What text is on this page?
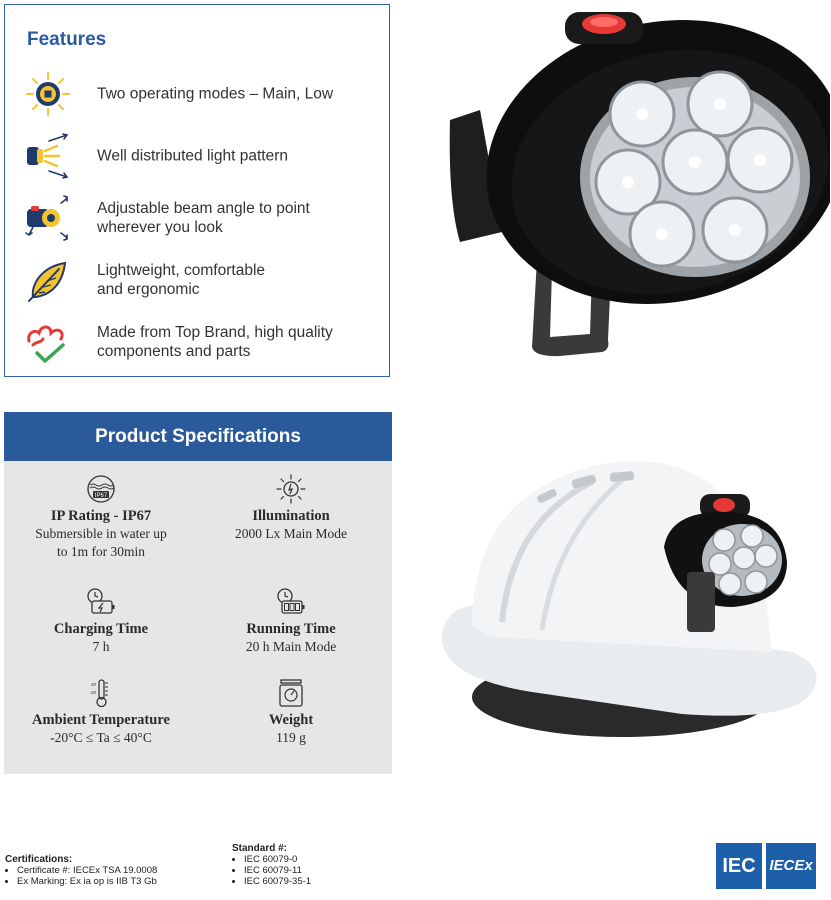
Features
Two operating modes – Main, Low
Well distributed light pattern
Adjustable beam angle to point
wherever you look
Lightweight, comfortable
and ergonomic
Made from Top Brand, high quality
components and parts
Product Specifications
IP67
IP Rating - IP67
Submersible in water up
to 1m for 30min
Illumination
2000 Lx Main Mode
Charging Time
7 h
Running Time
20 h Main Mode
40
-20
Ambient Temperature
-20°C ≤ Ta ≤ 40°C
Weight
119 g
Certifications:
• Certificate #: IECEx TSA 19.0008
• Ex Marking: Ex ia op is IIB T3 Gb
Standard #:
• IEC 60079-0
• IEC 60079-11
• IEC 60079-35-1
IEC IECEx
